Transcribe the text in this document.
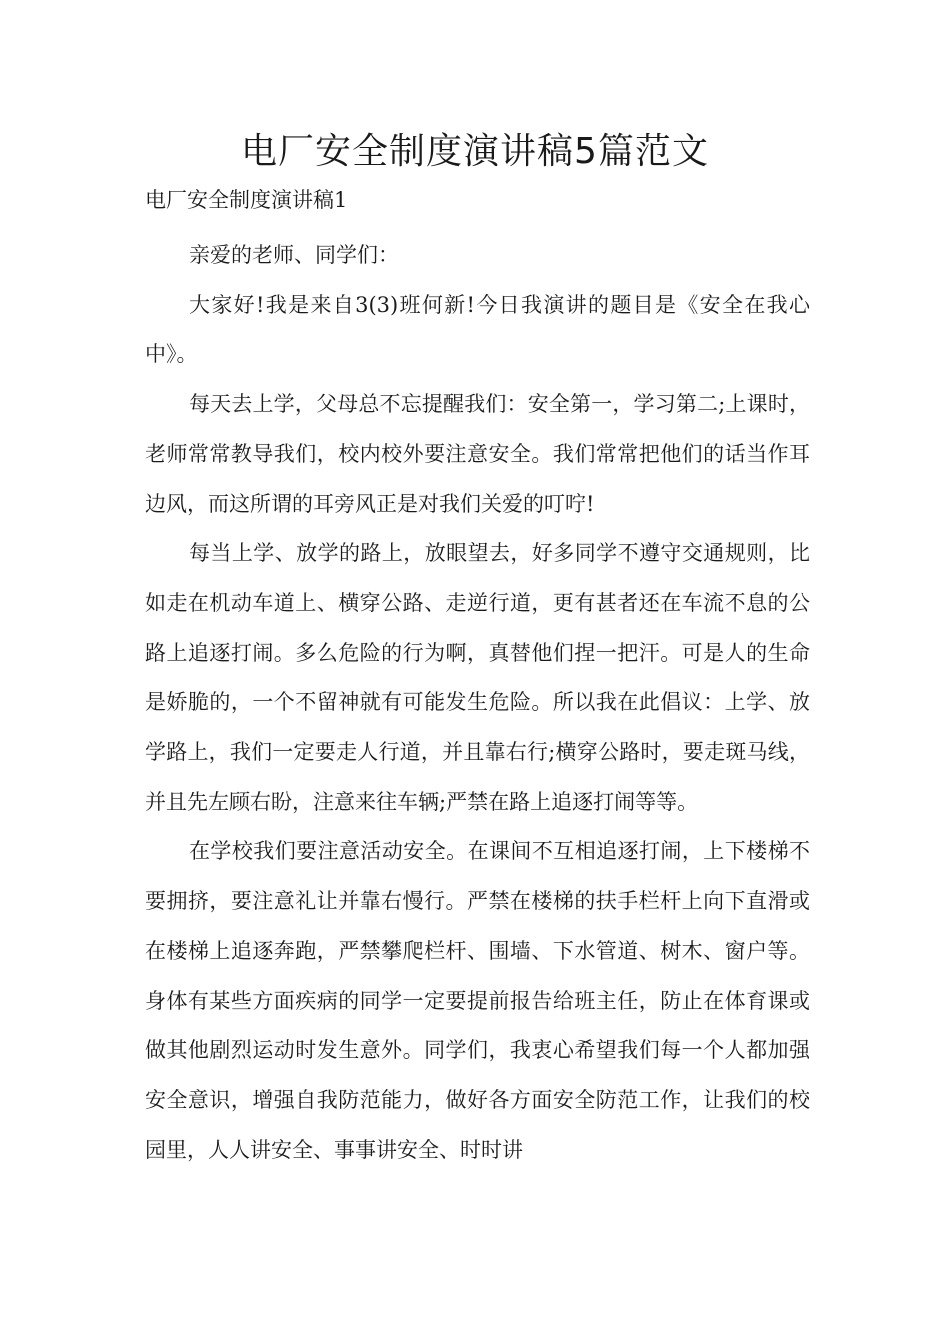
电厂安全制度演讲稿5篇范文

电厂安全制度演讲稿1

亲爱的老师、同学们：

大家好!我是来自3(3)班何新!今日我演讲的题目是《安全在我心中》。

每天去上学，父母总不忘提醒我们：安全第一，学习第二;上课时，老师常常教导我们，校内校外要注意安全。我们常常把他们的话当作耳边风，而这所谓的耳旁风正是对我们关爱的叮咛!

每当上学、放学的路上，放眼望去，好多同学不遵守交通规则，比如走在机动车道上、横穿公路、走逆行道，更有甚者还在车流不息的公路上追逐打闹。多么危险的行为啊，真替他们捏一把汗。可是人的生命是娇脆的，一个不留神就有可能发生危险。所以我在此倡议：上学、放学路上，我们一定要走人行道，并且靠右行;横穿公路时，要走斑马线，并且先左顾右盼，注意来往车辆;严禁在路上追逐打闹等等。

在学校我们要注意活动安全。在课间不互相追逐打闹，上下楼梯不要拥挤，要注意礼让并靠右慢行。严禁在楼梯的扶手栏杆上向下直滑或在楼梯上追逐奔跑，严禁攀爬栏杆、围墙、下水管道、树木、窗户等。身体有某些方面疾病的同学一定要提前报告给班主任，防止在体育课或做其他剧烈运动时发生意外。同学们，我衷心希望我们每一个人都加强安全意识，增强自我防范能力，做好各方面安全防范工作，让我们的校园里，人人讲安全、事事讲安全、时时讲
